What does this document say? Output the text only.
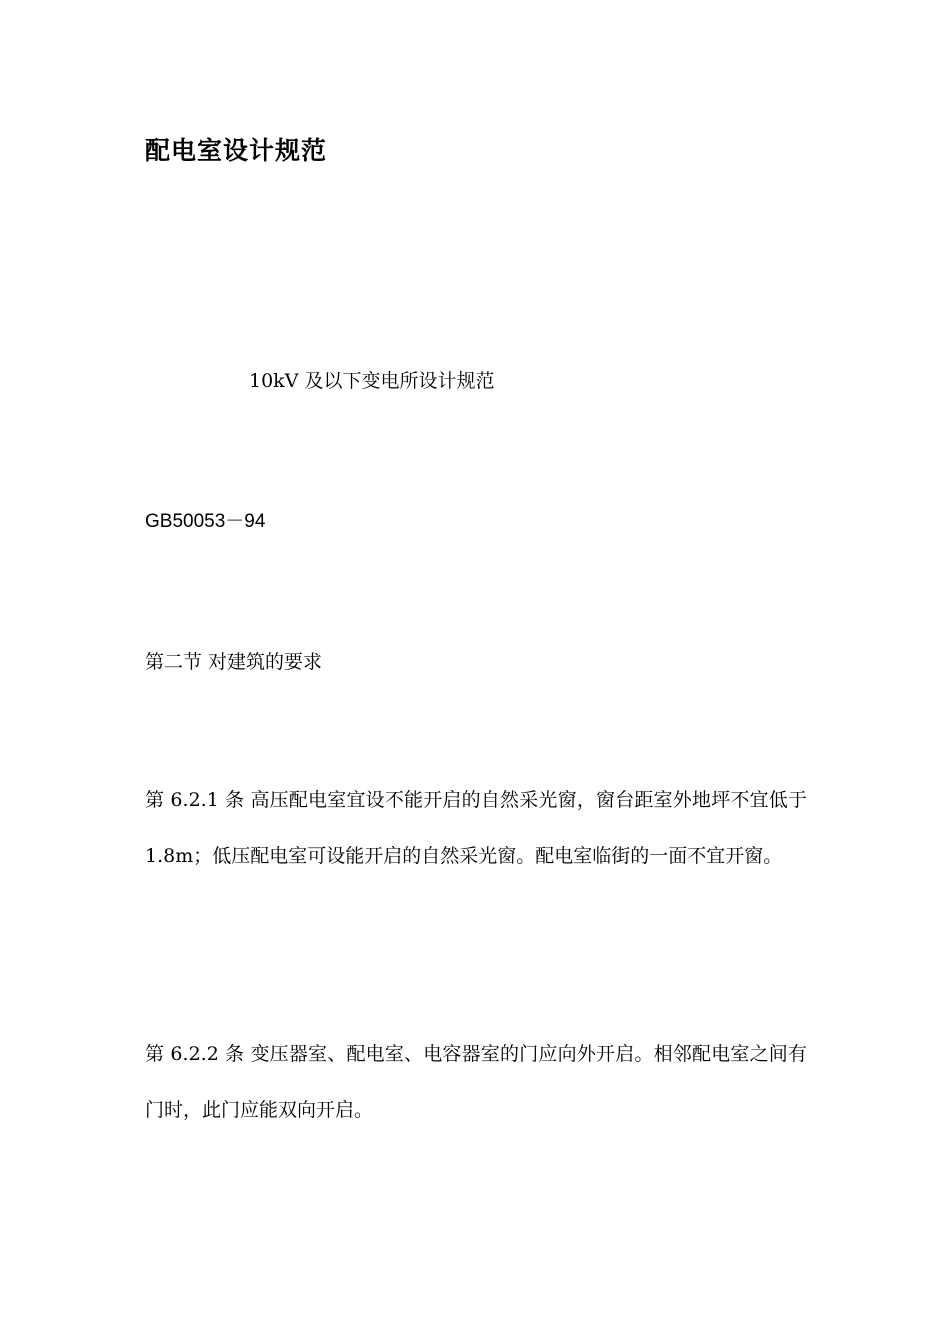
配电室设计规范

10kV 及以下变电所设计规范

GB50053－94

第二节 对建筑的要求

第 6.2.1 条 高压配电室宜设不能开启的自然采光窗，窗台距室外地坪不宜低于 1.8m；低压配电室可设能开启的自然采光窗。配电室临街的一面不宜开窗。

第 6.2.2 条 变压器室、配电室、电容器室的门应向外开启。相邻配电室之间有门时，此门应能双向开启。
